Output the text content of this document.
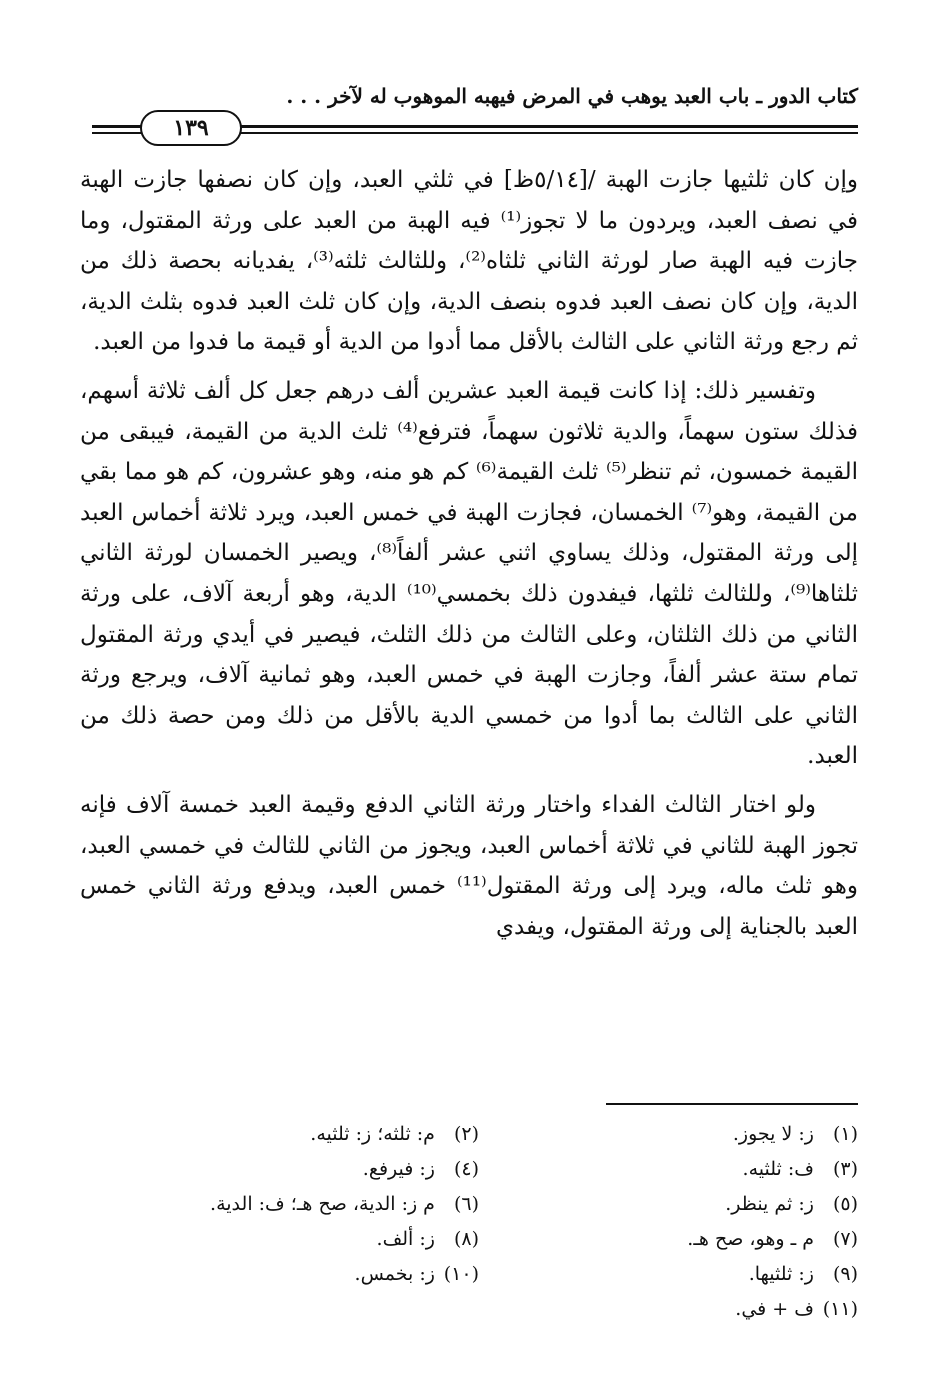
كتاب الدور ـ باب العبد يوهب في المرض فيهبه الموهوب له لآخر . . .
١٣٩

وإن كان ثلثيها جازت الهبة /[٥/١٤ظ] في ثلثي العبد، وإن كان نصفها جازت الهبة في نصف العبد، ويردون ما لا تجوز⁽¹⁾ فيه الهبة من العبد على ورثة المقتول، وما جازت فيه الهبة صار لورثة الثاني ثلثاه⁽²⁾، وللثالث ثلثه⁽³⁾، يفديانه بحصة ذلك من الدية، وإن كان نصف العبد فدوه بنصف الدية، وإن كان ثلث العبد فدوه بثلث الدية، ثم رجع ورثة الثاني على الثالث بالأقل مما أدوا من الدية أو قيمة ما فدوا من العبد.

وتفسير ذلك: إذا كانت قيمة العبد عشرين ألف درهم جعل كل ألف ثلاثة أسهم، فذلك ستون سهماً، والدية ثلاثون سهماً، فترفع⁽⁴⁾ ثلث الدية من القيمة، فيبقى من القيمة خمسون، ثم تنظر⁽⁵⁾ ثلث القيمة⁽⁶⁾ كم هو منه، وهو عشرون، كم هو مما بقي من القيمة، وهو⁽⁷⁾ الخمسان، فجازت الهبة في خمس العبد، ويرد ثلاثة أخماس العبد إلى ورثة المقتول، وذلك يساوي اثني عشر ألفاً⁽⁸⁾، ويصير الخمسان لورثة الثاني ثلثاها⁽⁹⁾، وللثالث ثلثها، فيفدون ذلك بخمسي⁽¹⁰⁾ الدية، وهو أربعة آلاف، على ورثة الثاني من ذلك الثلثان، وعلى الثالث من ذلك الثلث، فيصير في أيدي ورثة المقتول تمام ستة عشر ألفاً، وجازت الهبة في خمس العبد، وهو ثمانية آلاف، ويرجع ورثة الثاني على الثالث بما أدوا من خمسي الدية بالأقل من ذلك ومن حصة ذلك من العبد.

ولو اختار الثالث الفداء واختار ورثة الثاني الدفع وقيمة العبد خمسة آلاف فإنه تجوز الهبة للثاني في ثلاثة أخماس العبد، ويجوز من الثاني للثالث في خمسي العبد، وهو ثلث ماله، ويرد إلى ورثة المقتول⁽¹¹⁾ خمس العبد، ويدفع ورثة الثاني خمس العبد بالجناية إلى ورثة المقتول، ويفدي

(١) ز: لا يجوز.
(٢) م: ثلثه؛ ز: ثلثيه.
(٣) ف: ثلثيه.
(٤) ز: فيرفع.
(٥) ز: ثم ينظر.
(٦) م ز: الدية، صح هـ؛ ف: الدية.
(٧) م ـ وهو، صح هـ.
(٨) ز: ألف.
(٩) ز: ثلثيها.
(١٠) ز: بخمس.
(١١) ف + في.
